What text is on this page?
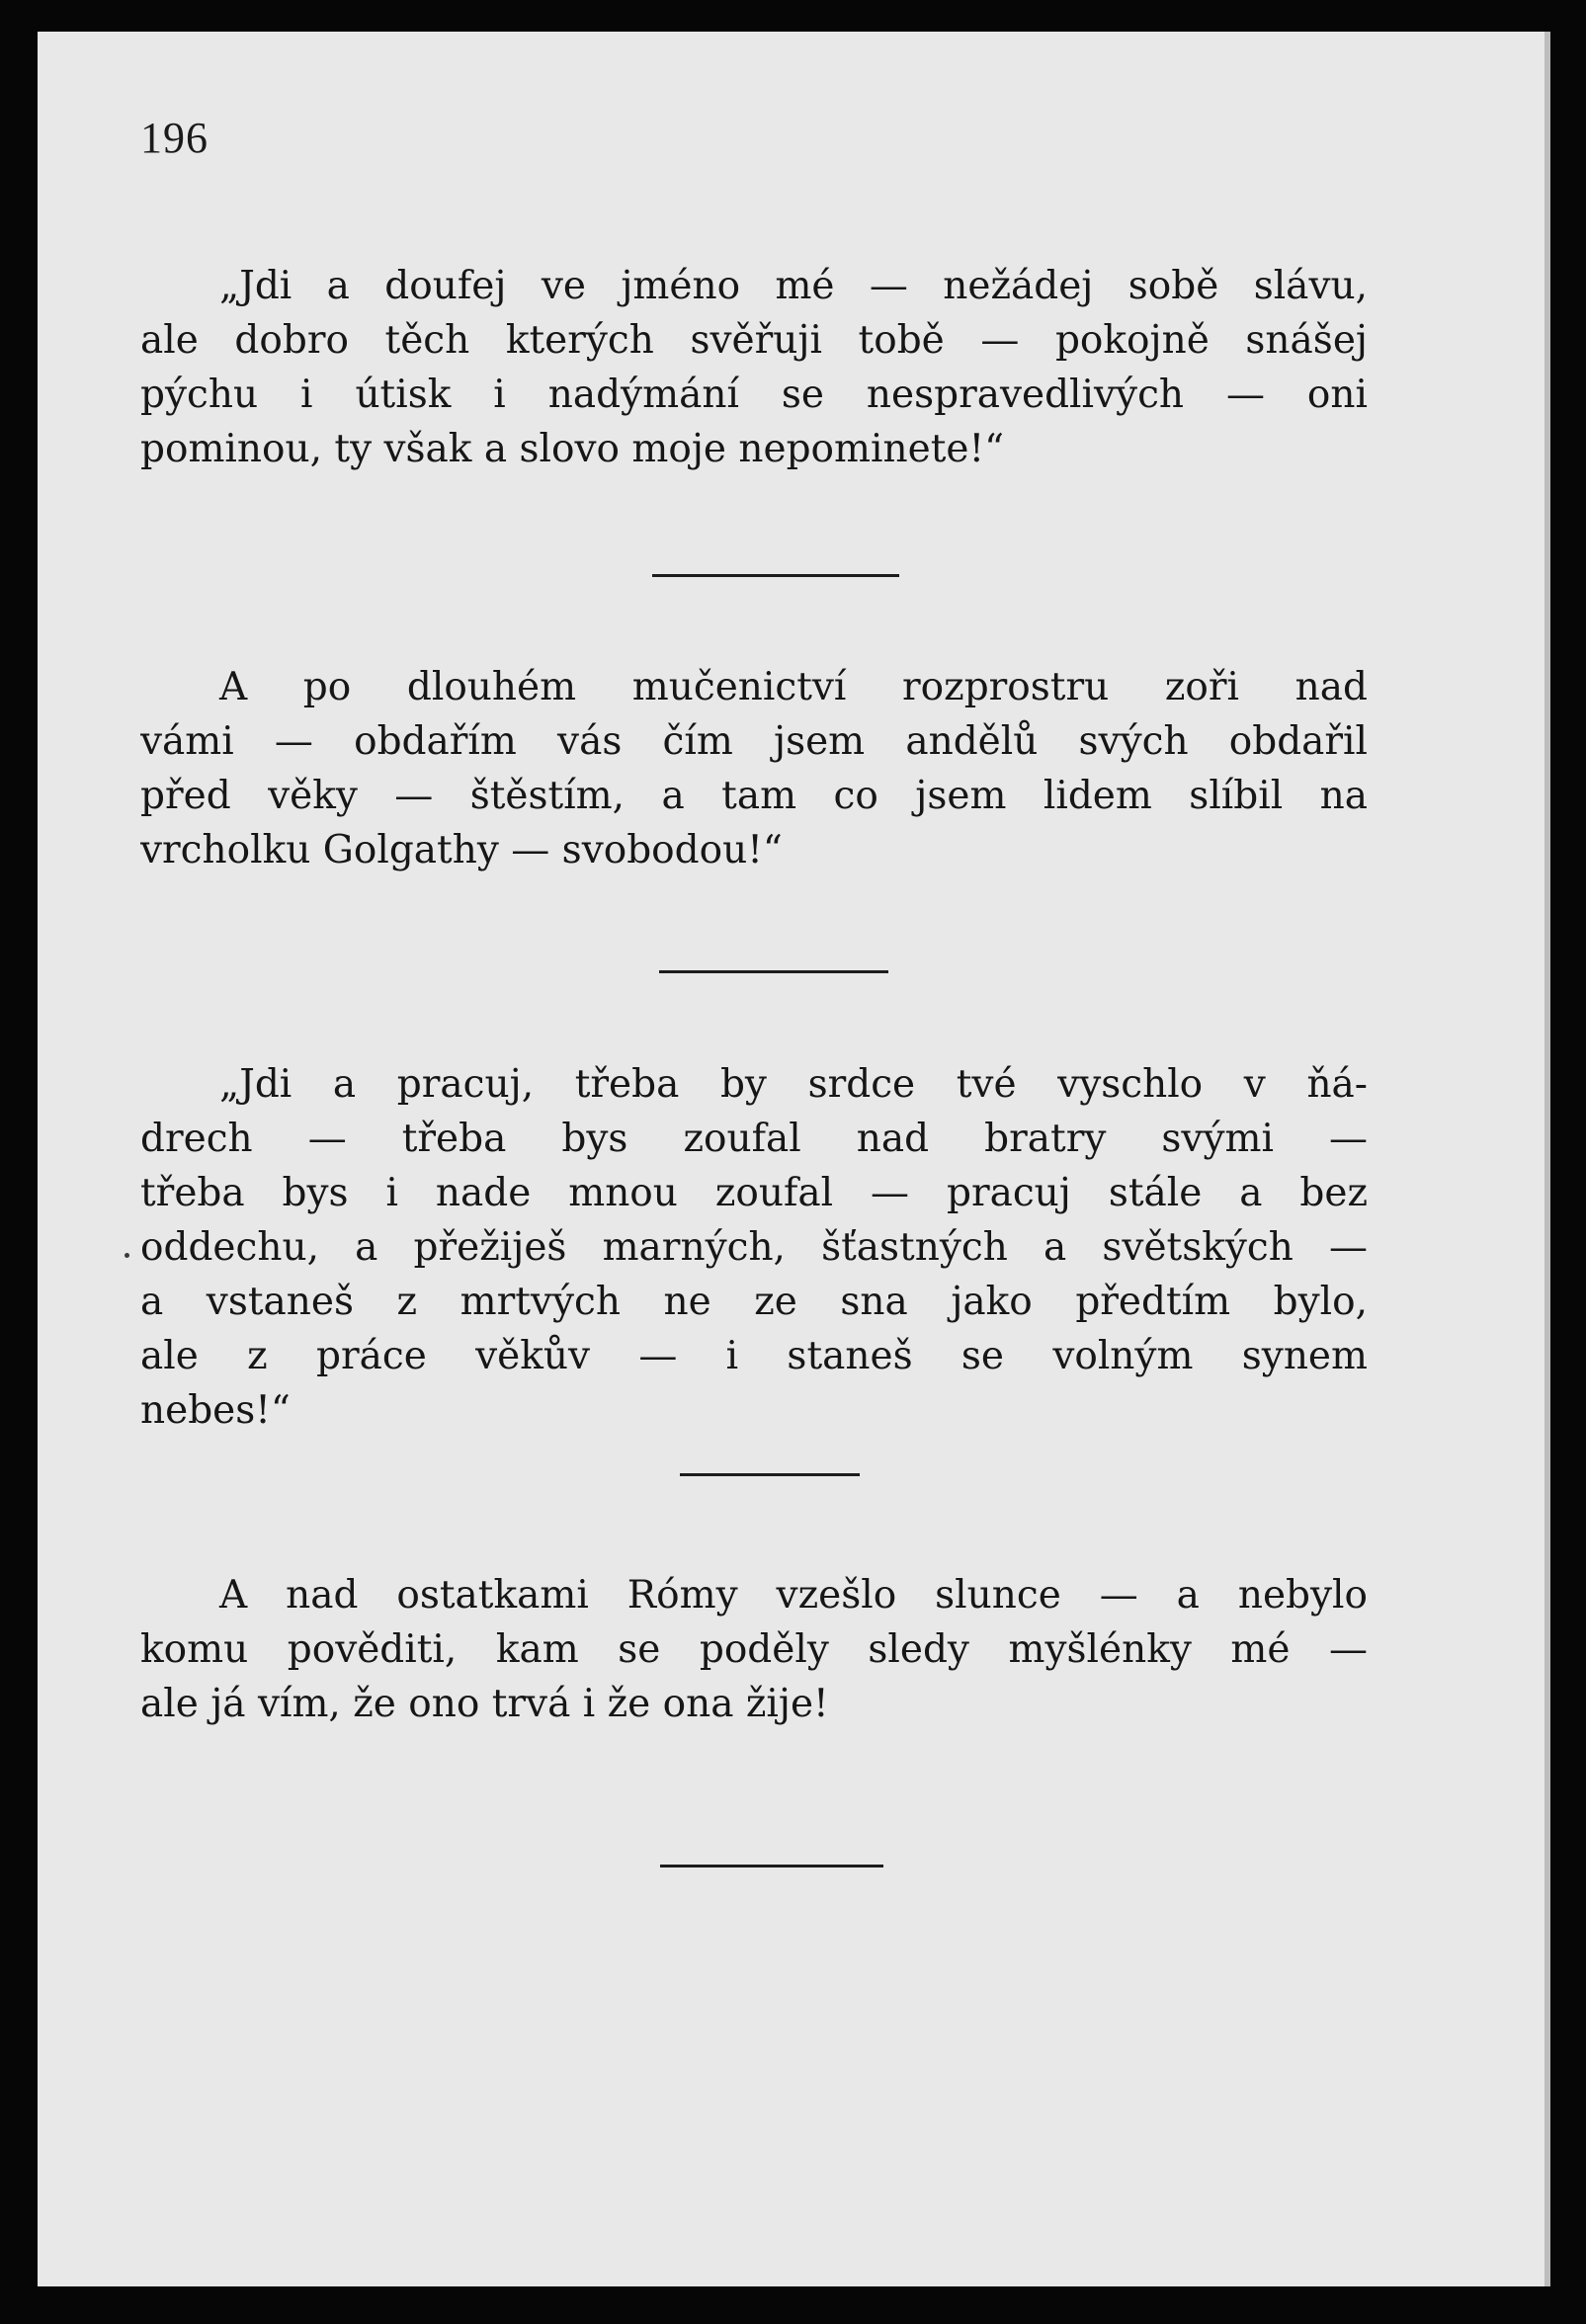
196
„Jdi a doufej ve jméno mé — nežádej sobě slávu,
ale dobro těch kterých svěřuji tobě — pokojně snášej
pýchu i útisk i nadýmání se nespravedlivých — oni
pominou, ty však a slovo moje nepominete!“
A po dlouhém mučenictví rozprostru zoři nad
vámi — obdařím vás čím jsem andělů svých obdařil
před věky — štěstím, a tam co jsem lidem slíbil na
vrcholku Golgathy — svobodou!“
„Jdi a pracuj, třeba by srdce tvé vyschlo v ňá-
drech — třeba bys zoufal nad bratry svými —
třeba bys i nade mnou zoufal — pracuj stále a bez
oddechu, a přežiješ marných, šťastných a světských —
a vstaneš z mrtvých ne ze sna jako předtím bylo,
ale z práce věkův — i staneš se volným synem
nebes!“
A nad ostatkami Rómy vzešlo slunce — a nebylo
komu pověditi, kam se poděly sledy myšlénky mé —
ale já vím, že ono trvá i že ona žije!
